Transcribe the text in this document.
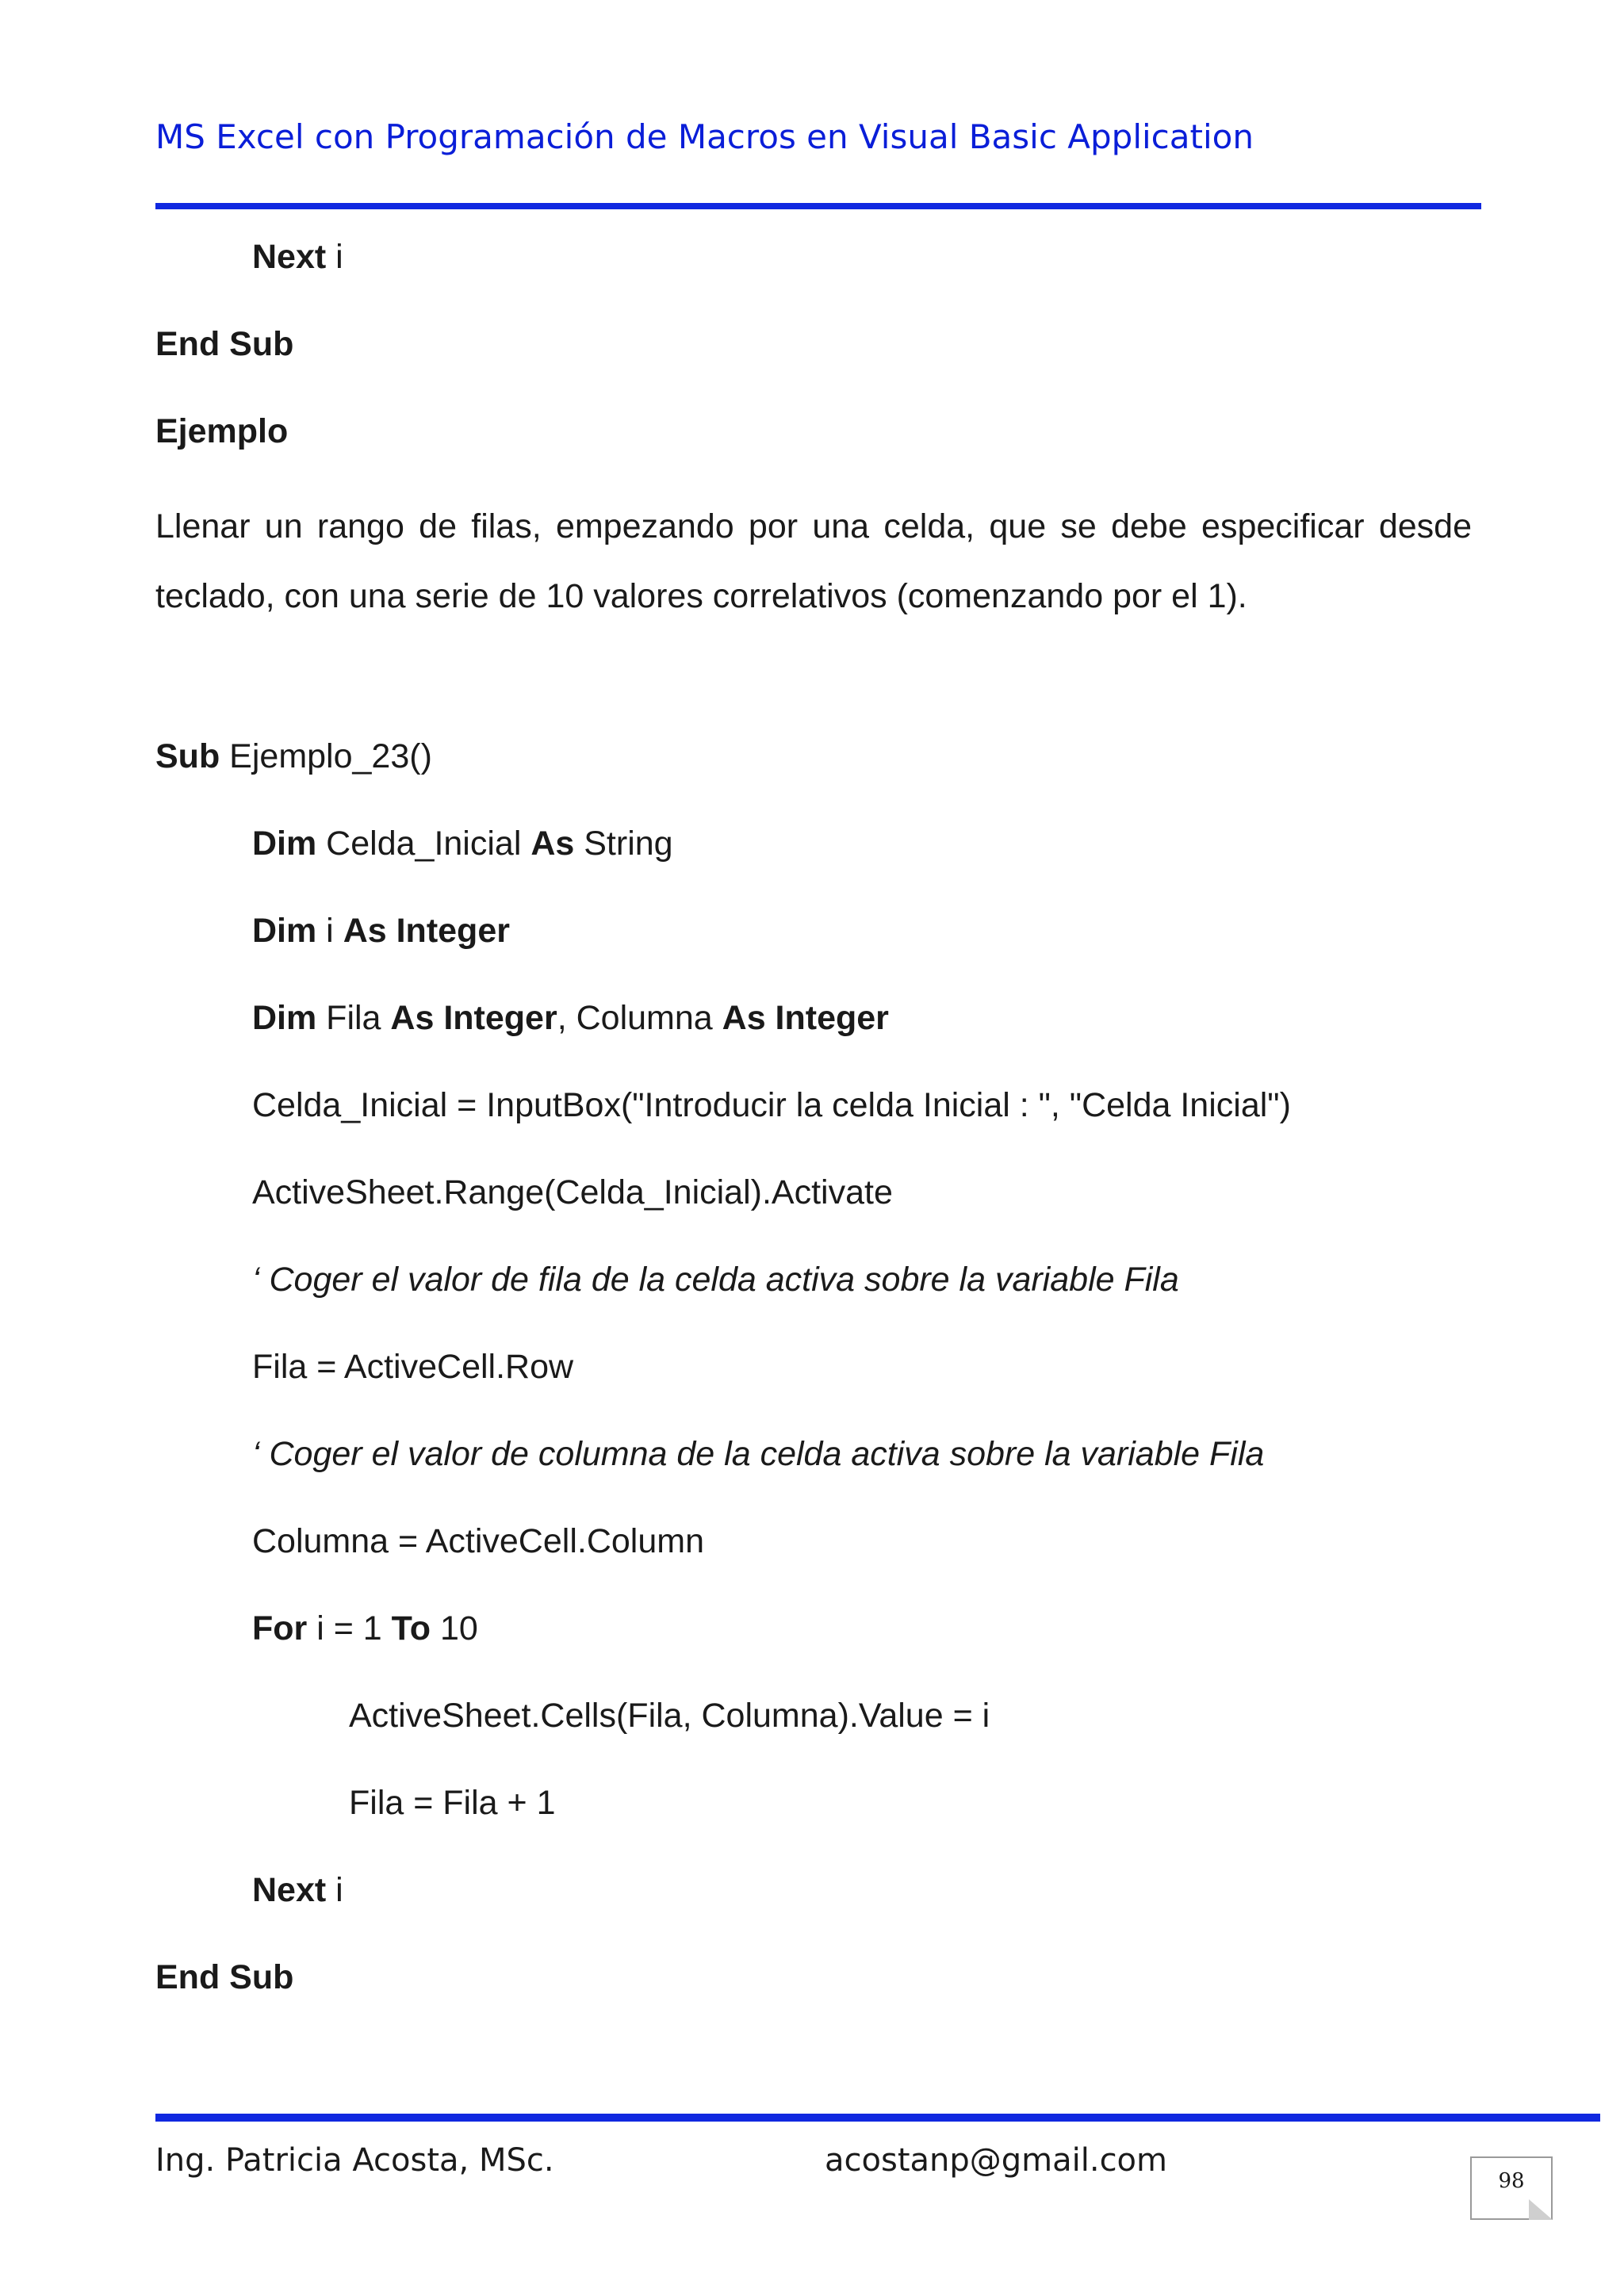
MS Excel con Programación de Macros en Visual Basic Application
Next i
End Sub
Ejemplo
Llenar un rango de filas, empezando por una celda, que se debe especificar desde teclado, con una serie de 10 valores correlativos (comenzando por el 1).
Sub Ejemplo_23()
Dim Celda_Inicial As String
Dim i As Integer
Dim Fila As Integer, Columna As Integer
Celda_Inicial = InputBox("Introducir la celda Inicial : ", "Celda Inicial")
ActiveSheet.Range(Celda_Inicial).Activate
‘ Coger el valor de fila de la celda activa sobre la variable Fila
Fila = ActiveCell.Row
‘ Coger el valor de columna de la celda activa sobre la variable Fila
Columna = ActiveCell.Column
For i = 1 To 10
ActiveSheet.Cells(Fila, Columna).Value = i
Fila = Fila + 1
Next i
End Sub
Ing. Patricia Acosta, MSc.	acostanp@gmail.com
98
